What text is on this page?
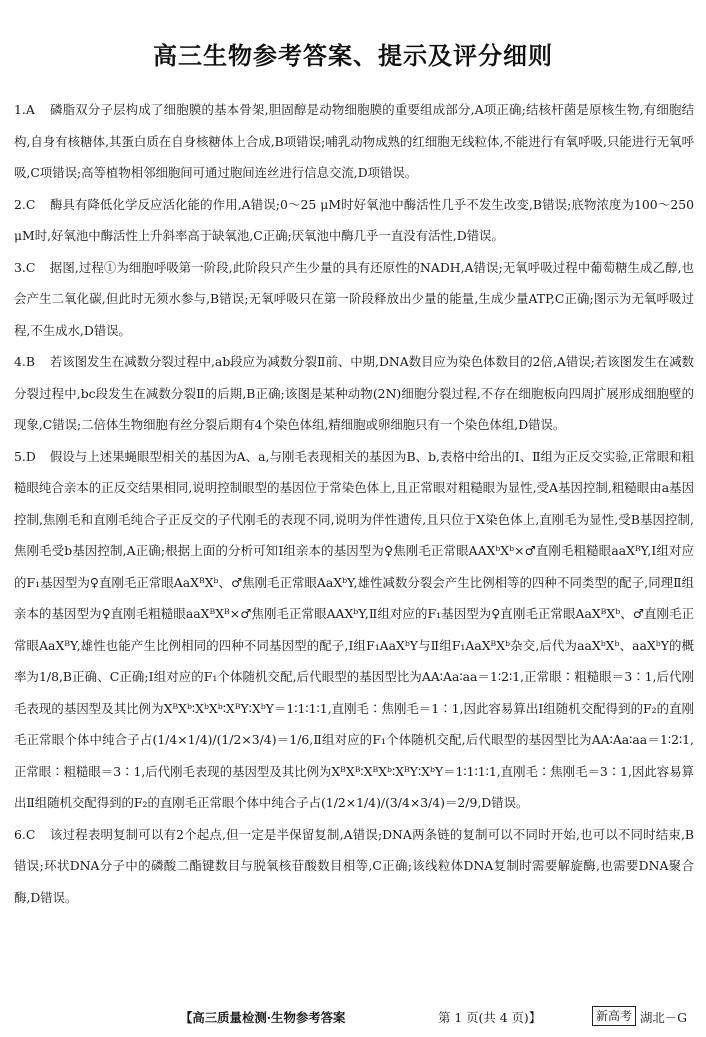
高三生物参考答案、提示及评分细则
1.A 磷脂双分子层构成了细胞膜的基本骨架,胆固醇是动物细胞膜的重要组成部分,A项正确;结核杆菌是原核生物,有细胞结构,自身有核糖体,其蛋白质在自身核糖体上合成,B项错误;哺乳动物成熟的红细胞无线粒体,不能进行有氧呼吸,只能进行无氧呼吸,C项错误;高等植物相邻细胞间可通过胞间连丝进行信息交流,D项错误。
2.C 酶具有降低化学反应活化能的作用,A错误;0～25 μM时好氧池中酶活性几乎不发生改变,B错误;底物浓度为100～250 μM时,好氧池中酶活性上升斜率高于缺氧池,C正确;厌氧池中酶几乎一直没有活性,D错误。
3.C 据图,过程①为细胞呼吸第一阶段,此阶段只产生少量的具有还原性的NADH,A错误;无氧呼吸过程中葡萄糖生成乙醇,也会产生二氧化碳,但此时无须水参与,B错误;无氧呼吸只在第一阶段释放出少量的能量,生成少量ATP,C正确;图示为无氧呼吸过程,不生成水,D错误。
4.B 若该图发生在减数分裂过程中,ab段应为减数分裂Ⅱ前、中期,DNA数目应为染色体数目的2倍,A错误;若该图发生在减数分裂过程中,bc段发生在减数分裂Ⅱ的后期,B正确;该图是某种动物(2N)细胞分裂过程,不存在细胞板向四周扩展形成细胞壁的现象,C错误;二倍体生物细胞有丝分裂后期有4个染色体组,精细胞或卵细胞只有一个染色体组,D错误。
5.D 假设与上述果蝇眼型相关的基因为A、a,与刚毛表现相关的基因为B、b,表格中给出的Ⅰ、Ⅱ组为正反交实验,正常眼和粗糙眼纯合亲本的正反交结果相同,说明控制眼型的基因位于常染色体上,且正常眼对粗糙眼为显性,受A基因控制,粗糙眼由a基因控制,焦刚毛和直刚毛纯合子正反交的子代刚毛的表现不同,说明为伴性遗传,且只位于X染色体上,直刚毛为显性,受B基因控制,焦刚毛受b基因控制,A正确;根据上面的分析可知Ⅰ组亲本的基因型为♀焦刚毛正常眼AAXᵇXᵇ×♂直刚毛粗糙眼aaXᴮY,Ⅰ组对应的F₁基因型为♀直刚毛正常眼AaXᴮXᵇ、♂焦刚毛正常眼AaXᵇY,雄性减数分裂会产生比例相等的四种不同类型的配子,同理Ⅱ组亲本的基因型为♀直刚毛粗糙眼aaXᴮXᴮ×♂焦刚毛正常眼AAXᵇY,Ⅱ组对应的F₁基因型为♀直刚毛正常眼AaXᴮXᵇ、♂直刚毛正常眼AaXᴮY,雄性也能产生比例相同的四种不同基因型的配子,Ⅰ组F₁AaXᵇY与Ⅱ组F₁AaXᴮXᵇ杂交,后代为aaXᵇXᵇ、aaXᵇY的概率为1/8,B正确、C正确;Ⅰ组对应的F₁个体随机交配,后代眼型的基因型比为AA∶Aa∶aa＝1∶2∶1,正常眼∶粗糙眼＝3∶1,后代刚毛表现的基因型及其比例为XᴮXᵇ∶XᵇXᵇ∶XᴮY∶XᵇY＝1∶1∶1∶1,直刚毛∶焦刚毛＝1∶1,因此容易算出Ⅰ组随机交配得到的F₂的直刚毛正常眼个体中纯合子占(1/4×1/4)/(1/2×3/4)＝1/6,Ⅱ组对应的F₁个体随机交配,后代眼型的基因型比为AA∶Aa∶aa＝1∶2∶1,正常眼∶粗糙眼＝3∶1,后代刚毛表现的基因型及其比例为XᴮXᴮ∶XᴮXᵇ∶XᴮY∶XᵇY＝1∶1∶1∶1,直刚毛∶焦刚毛＝3∶1,因此容易算出Ⅱ组随机交配得到的F₂的直刚毛正常眼个体中纯合子占(1/2×1/4)/(3/4×3/4)＝2/9,D错误。
6.C 该过程表明复制可以有2个起点,但一定是半保留复制,A错误;DNA两条链的复制可以不同时开始,也可以不同时结束,B错误;环状DNA分子中的磷酸二酯键数目与脱氧核苷酸数目相等,C正确;该线粒体DNA复制时需要解旋酶,也需要DNA聚合酶,D错误。
【高三质量检测·生物参考答案	第 1 页(共 4 页)】	新高考 湖北－G
